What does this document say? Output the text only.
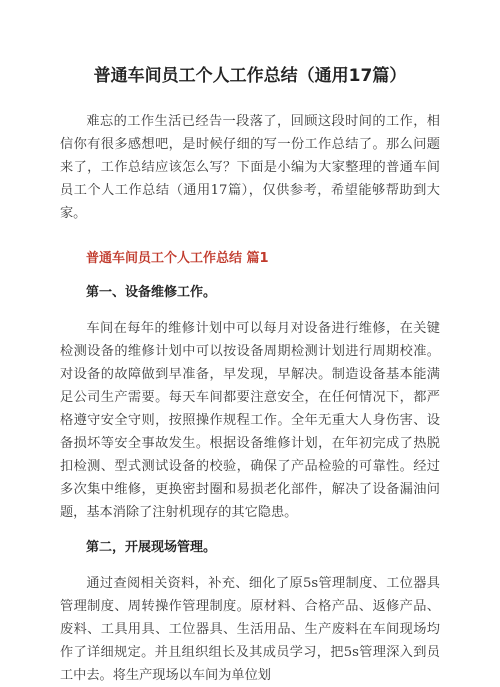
普通车间员工个人工作总结（通用17篇）

难忘的工作生活已经告一段落了，回顾这段时间的工作，相信你有很多感想吧，是时候仔细的写一份工作总结了。那么问题来了，工作总结应该怎么写？下面是小编为大家整理的普通车间员工个人工作总结（通用17篇），仅供参考，希望能够帮助到大家。

普通车间员工个人工作总结 篇1
第一、设备维修工作。

车间在每年的维修计划中可以每月对设备进行维修，在关键检测设备的维修计划中可以按设备周期检测计划进行周期校准。对设备的故障做到早准备，早发现，早解决。制造设备基本能满足公司生产需要。每天车间都要注意安全，在任何情况下，都严格遵守安全守则，按照操作规程工作。全年无重大人身伤害、设备损坏等安全事故发生。根据设备维修计划，在年初完成了热脱扣检测、型式测试设备的校验，确保了产品检验的可靠性。经过多次集中维修，更换密封圈和易损老化部件，解决了设备漏油问题，基本消除了注射机现存的其它隐患。

第二，开展现场管理。

通过查阅相关资料，补充、细化了原5s管理制度、工位器具管理制度、周转操作管理制度。原材料、合格产品、返修产品、废料、工具用具、工位器具、生活用品、生产废料在车间现场均作了详细规定。并且组织组长及其成员学习，把5s管理深入到员工中去。将生产现场以车间为单位划
